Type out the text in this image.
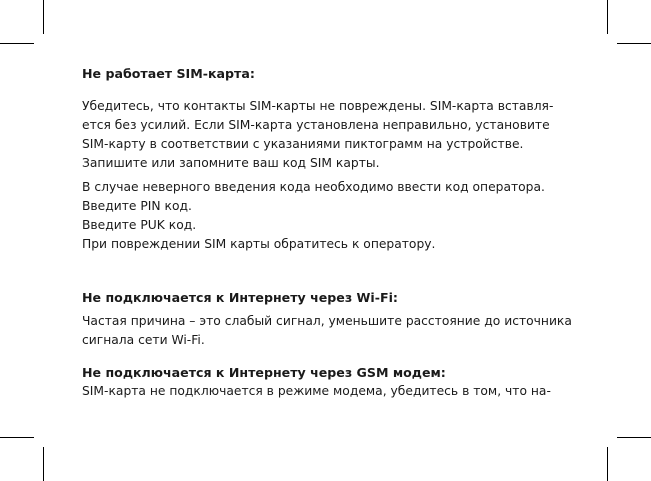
Не работает SIM-карта:

Убедитесь, что контакты SIM-карты не повреждены. SIM-карта вставля-

ется без усилий. Если SIM-карта установлена неправильно, установите

SIM-карту в соответствии с указаниями пиктограмм на устройстве.

Запишите или запомните ваш код SIM карты.

В случае неверного введения кода необходимо ввести код оператора.

Введите PIN код.

Введите PUK код.

При повреждении SIM карты обратитесь к оператору.

Не подключается к Интернету через Wi-Fi:

Частая причина – это слабый сигнал, уменьшите расстояние до источника

сигнала сети Wi-Fi.

Не подключается к Интернету через GSM модем:

SIM-карта не подключается в режиме модема, убедитесь в том, что на-
